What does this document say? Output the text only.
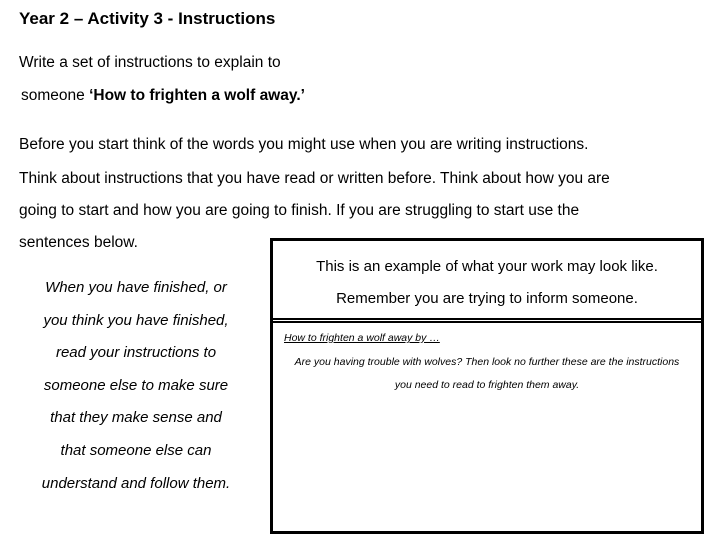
Year 2 – Activity 3 - Instructions
Write a set of instructions to explain to
someone ‘How to frighten a wolf away.’
Before you start think of the words you might use when you are writing instructions.
Think about instructions that you have read or written before. Think about how you are
going to start and how you are going to finish. If you are struggling to start use the
sentences below.
When you have finished, or
you think you have finished,
read your instructions to
someone else to make sure
that they make sense and
that someone else can
understand and follow them.
This is an example of what your work may look like.
Remember you are trying to inform someone.
How to frighten a wolf away by …
Are you having trouble with wolves? Then look no further these are the instructions
you need to read to frighten them away.
